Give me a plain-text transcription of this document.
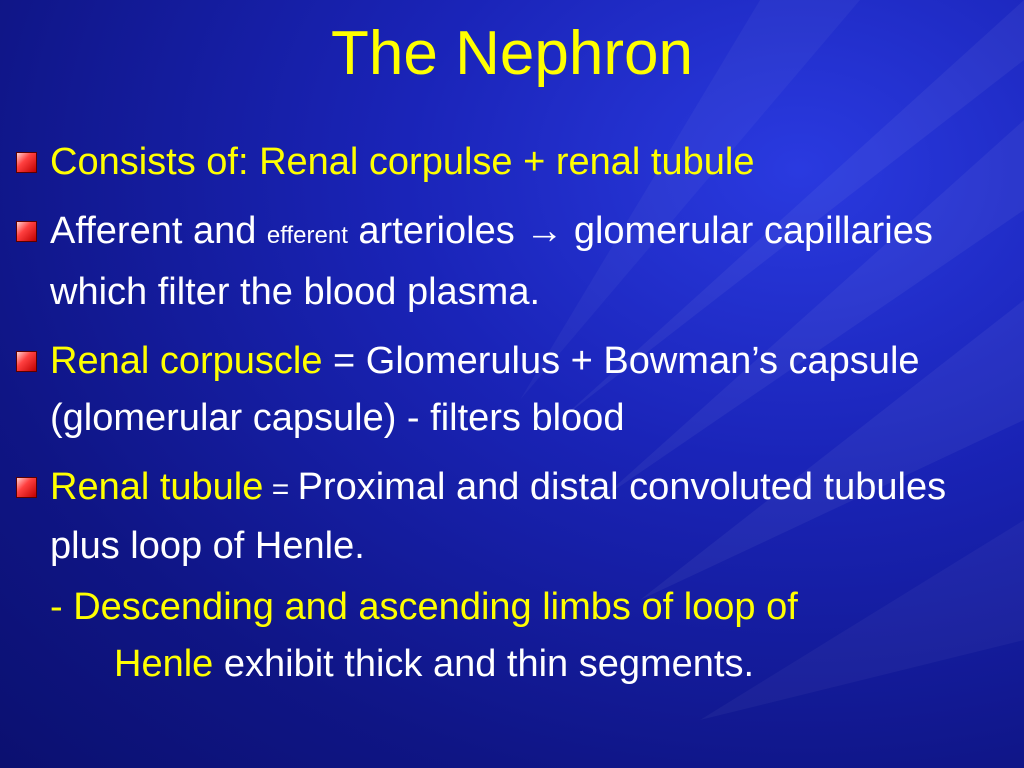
The Nephron
Consists of: Renal corpulse + renal tubule
Afferent and efferent arterioles → glomerular capillaries which filter the blood plasma.
Renal corpuscle = Glomerulus + Bowman’s capsule (glomerular capsule) - filters blood
Renal tubule = Proximal and distal convoluted tubules plus loop of Henle.
- Descending and ascending limbs of loop of
Henle exhibit thick and thin segments.
